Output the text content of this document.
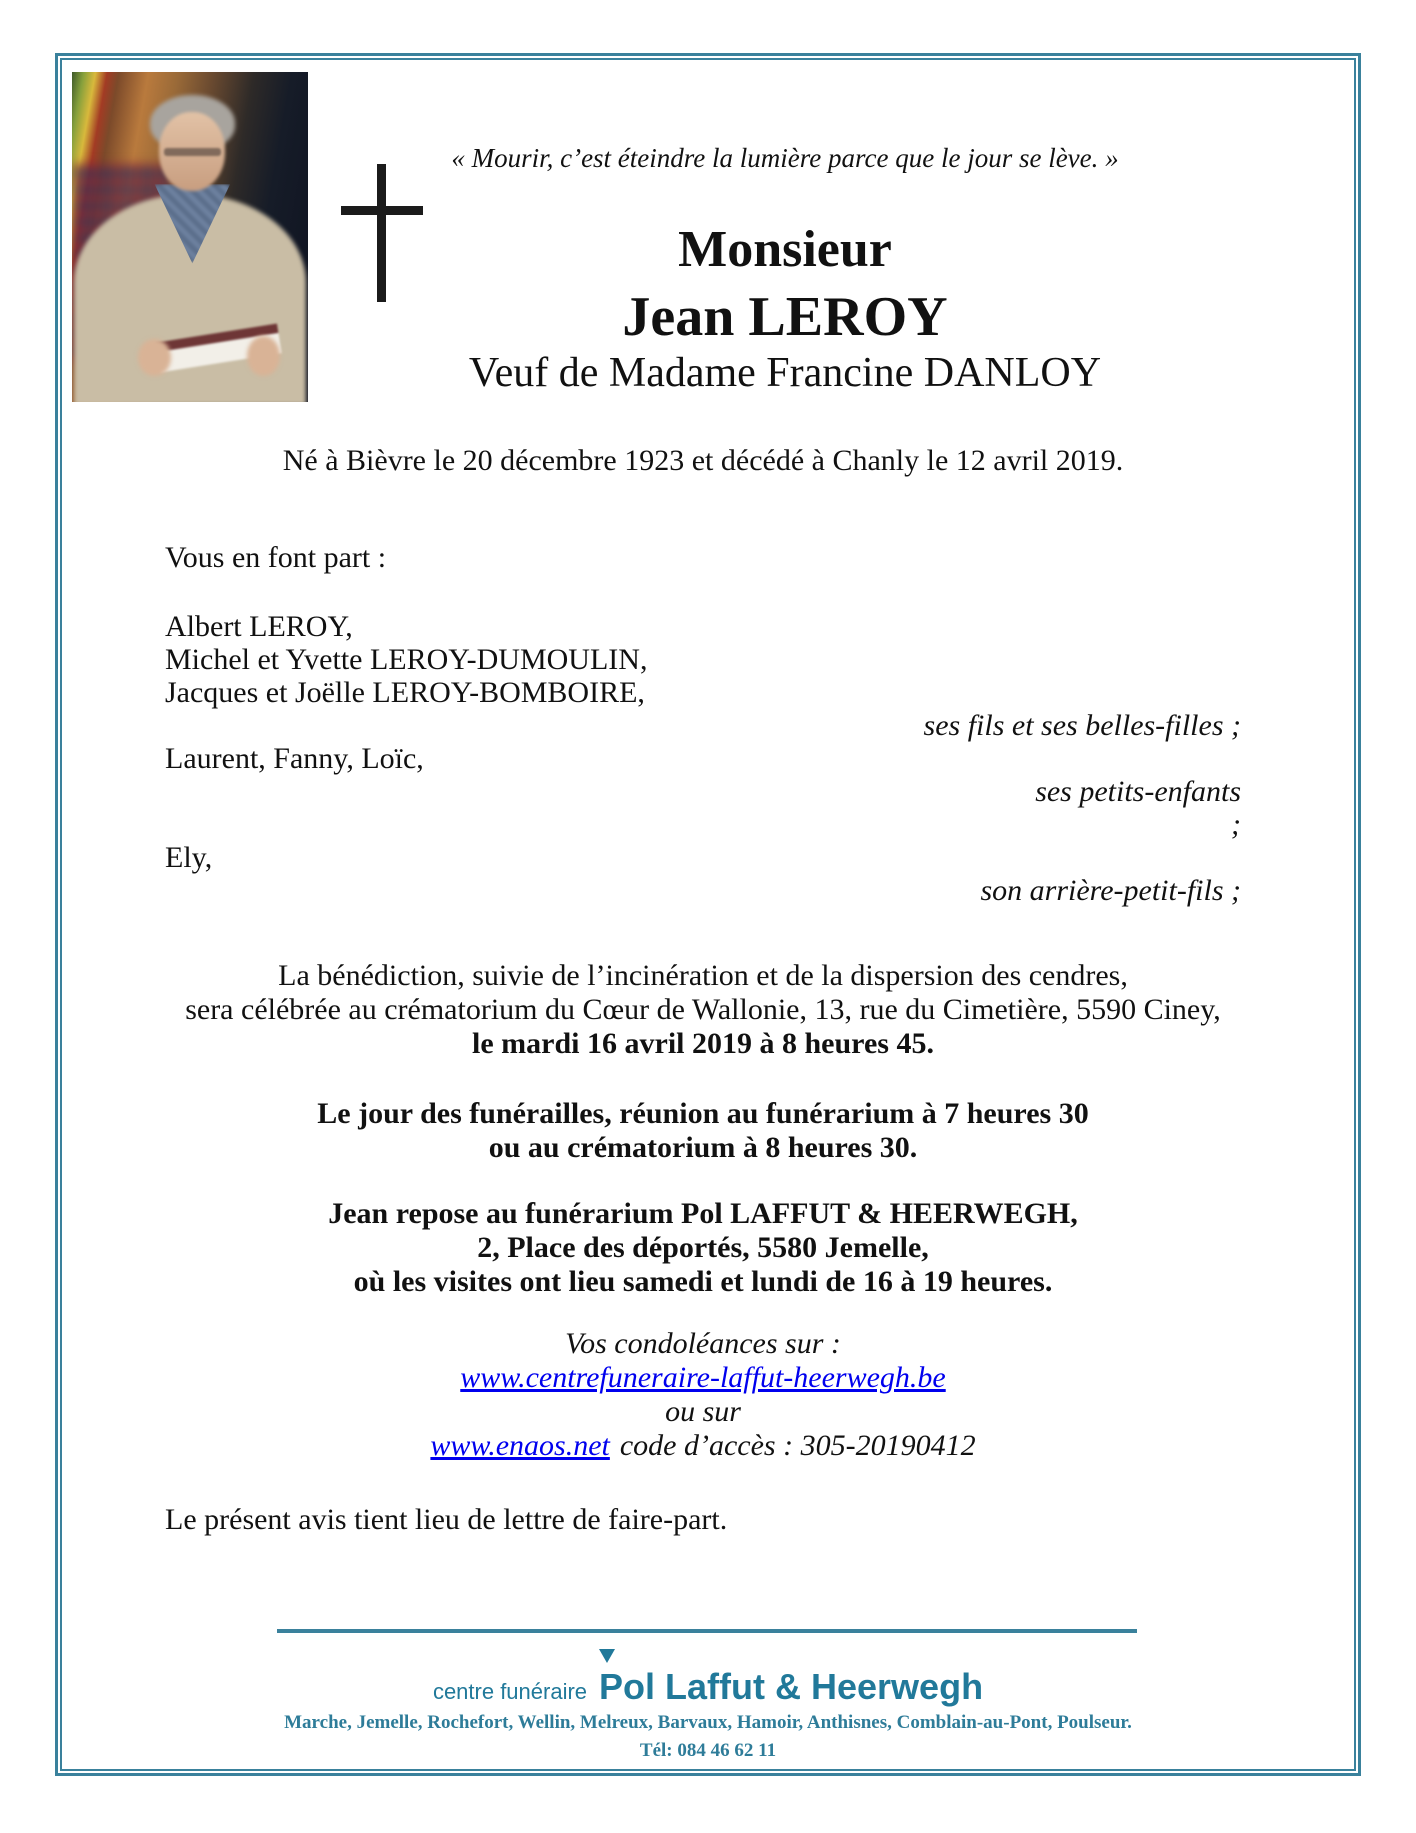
« Mourir, c’est éteindre la lumière parce que le jour se lève. »
Monsieur
Jean LEROY
Veuf de Madame Francine DANLOY
Né à Bièvre le 20 décembre 1923 et décédé à Chanly le 12 avril 2019.
Vous en font part :
Albert LEROY,
Michel et Yvette LEROY-DUMOULIN,
Jacques et Joëlle LEROY-BOMBOIRE,
ses fils et ses belles-filles ;
Laurent, Fanny, Loïc,
ses petits-enfants
;
Ely,
son arrière-petit-fils ;
La bénédiction, suivie de l’incinération et de la dispersion des cendres,
sera célébrée au crématorium du Cœur de Wallonie, 13, rue du Cimetière, 5590 Ciney,
le mardi 16 avril 2019 à 8 heures 45.
Le jour des funérailles, réunion au funérarium à 7 heures 30
ou au crématorium à 8 heures 30.
Jean repose au funérarium Pol LAFFUT & HEERWEGH,
2, Place des déportés, 5580 Jemelle,
où les visites ont lieu samedi et lundi de 16 à 19 heures.
Vos condoléances sur :
www.centrefuneraire-laffut-heerwegh.be
ou sur
www.enaos.net code d’accès : 305-20190412
Le présent avis tient lieu de lettre de faire-part.
centre funéraire Pol Laffut & Heerwegh
Marche, Jemelle, Rochefort, Wellin, Melreux, Barvaux, Hamoir, Anthisnes, Comblain-au-Pont, Poulseur.
Tél: 084 46 62 11
